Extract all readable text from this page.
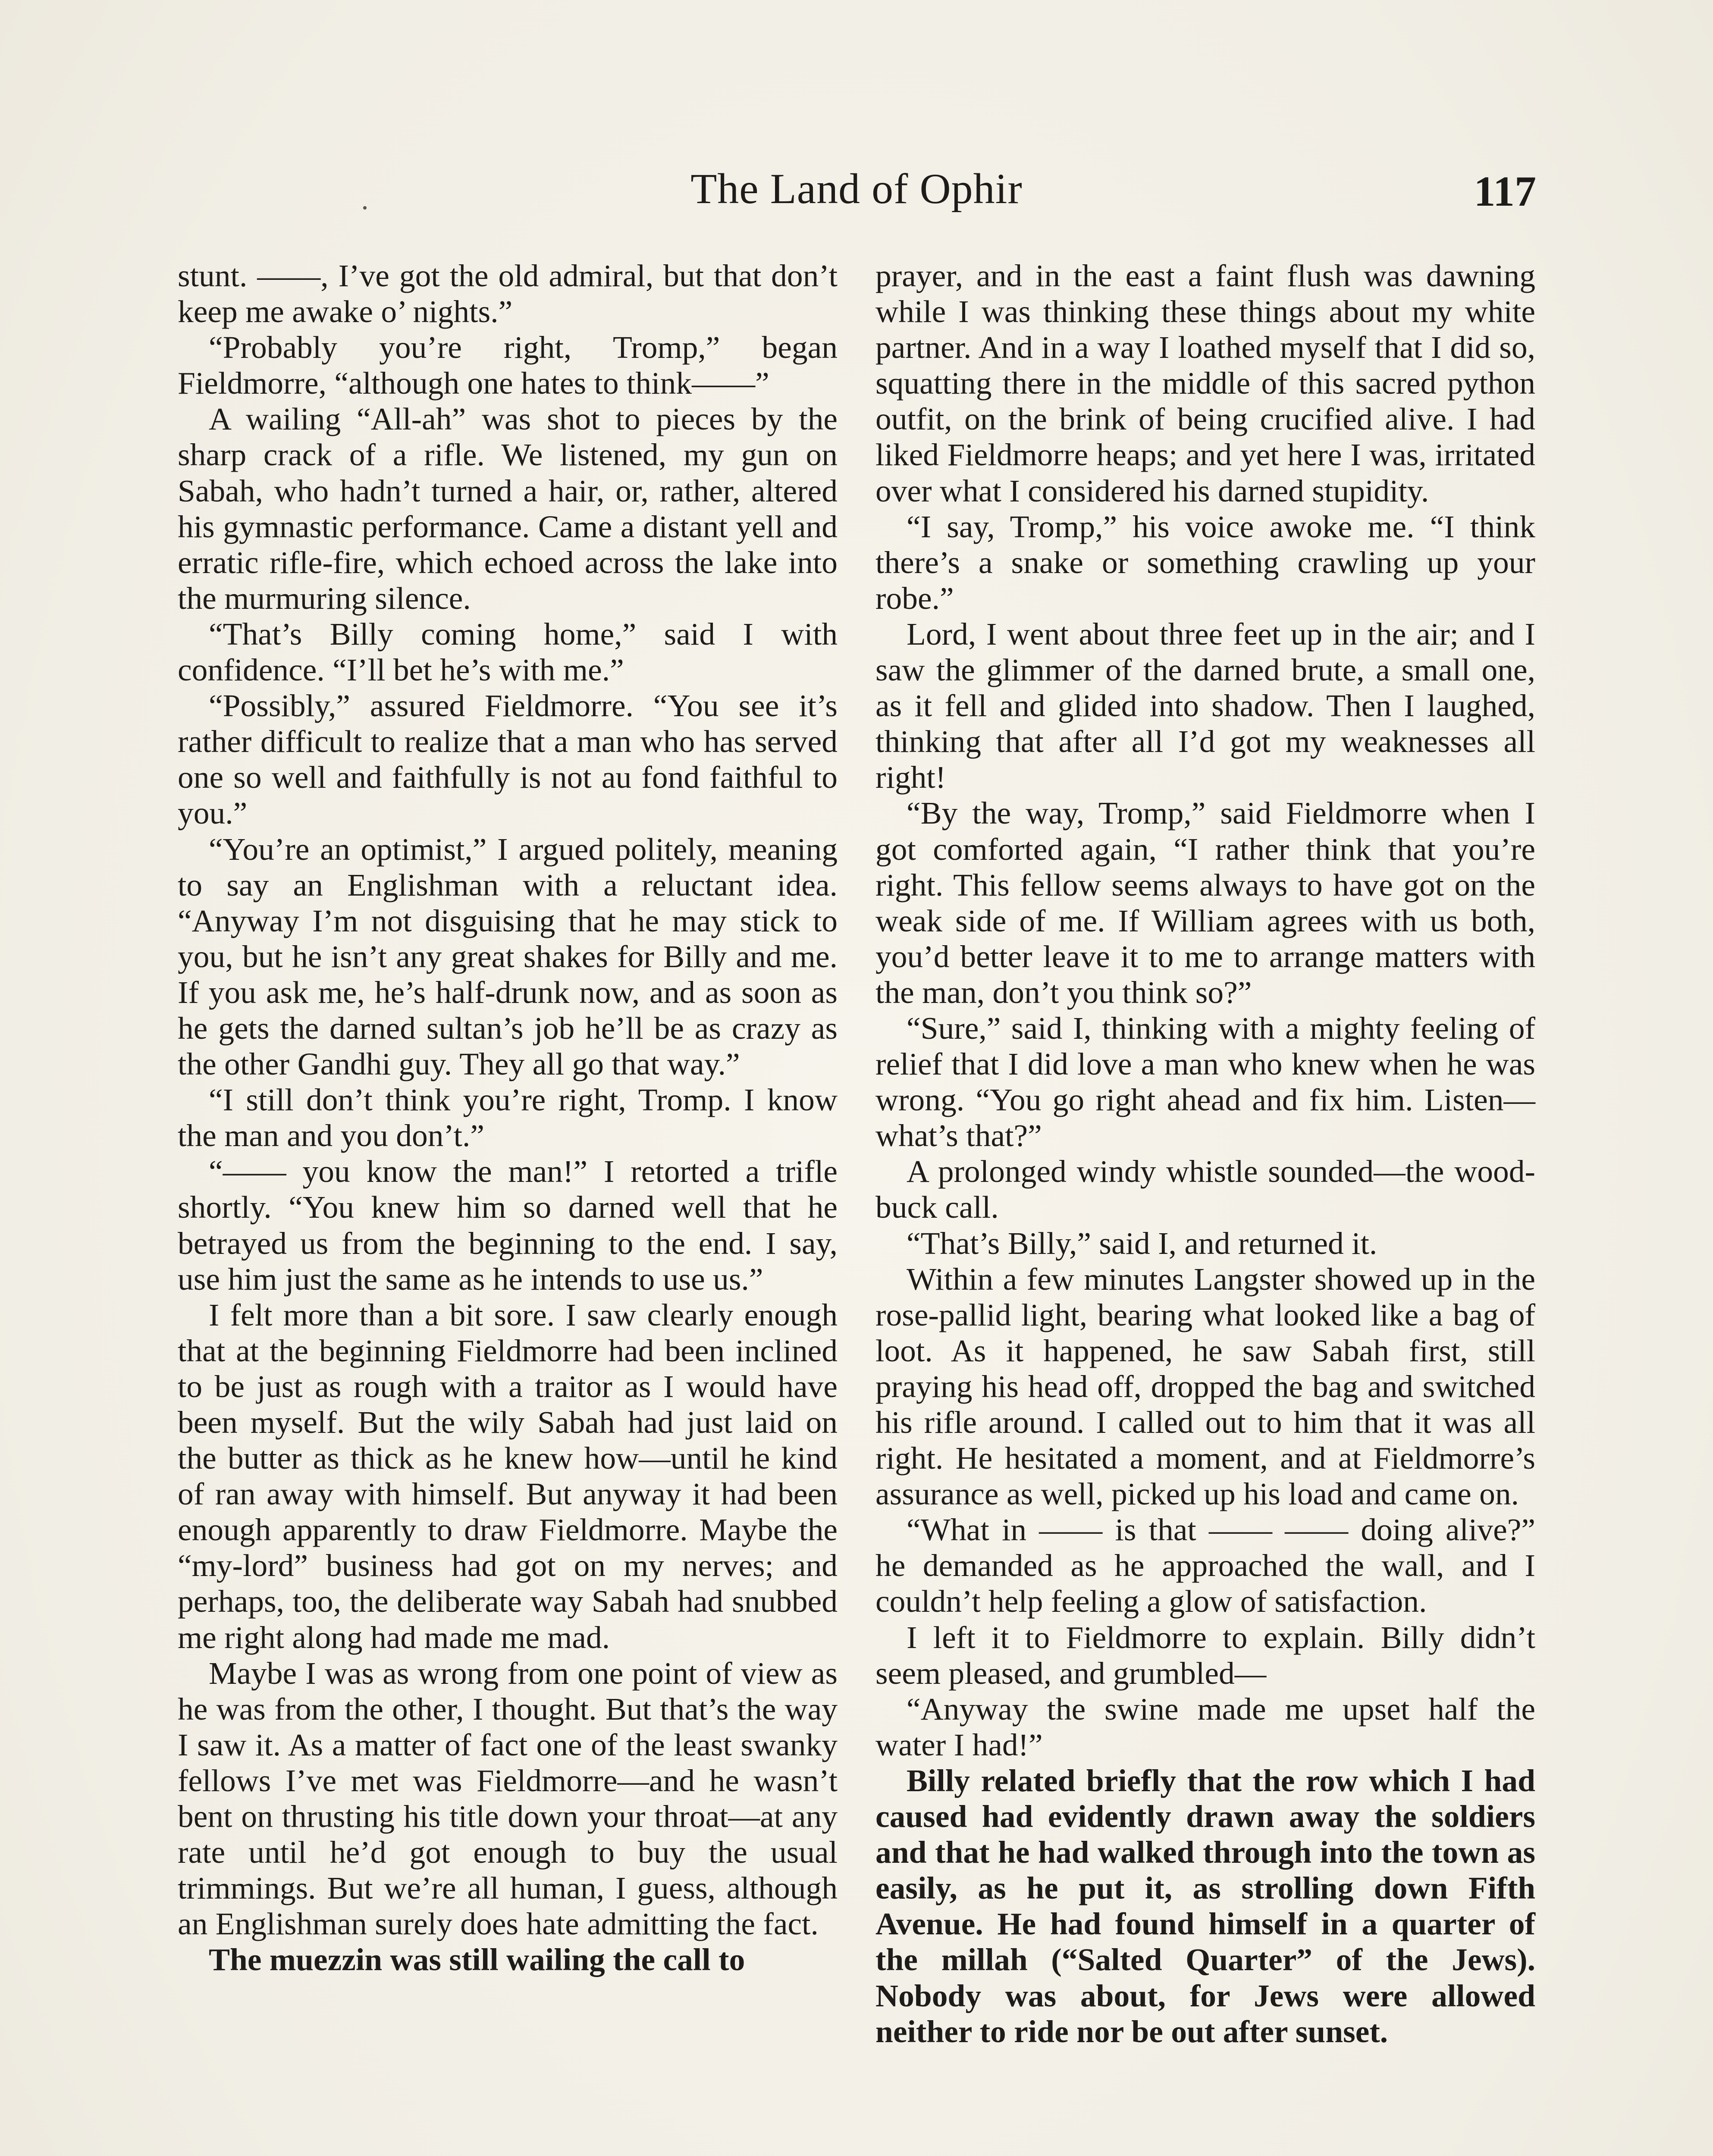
The Land of Ophir	117

stunt. ——, I’ve got the old admiral, but that don’t keep me awake o’ nights.”

“Probably you’re right, Tromp,” began Fieldmorre, “although one hates to think——”

A wailing “All-ah” was shot to pieces by the sharp crack of a rifle. We listened, my gun on Sabah, who hadn’t turned a hair, or, rather, altered his gymnastic performance. Came a distant yell and erratic rifle-fire, which echoed across the lake into the murmuring silence.

“That’s Billy coming home,” said I with confidence. “I’ll bet he’s with me.”

“Possibly,” assured Fieldmorre. “You see it’s rather difficult to realize that a man who has served one so well and faithfully is not au fond faithful to you.”

“You’re an optimist,” I argued politely, meaning to say an Englishman with a reluctant idea. “Anyway I’m not disguising that he may stick to you, but he isn’t any great shakes for Billy and me. If you ask me, he’s half-drunk now, and as soon as he gets the darned sultan’s job he’ll be as crazy as the other Gandhi guy. They all go that way.”

“I still don’t think you’re right, Tromp. I know the man and you don’t.”

“—— you know the man!” I retorted a trifle shortly. “You knew him so darned well that he betrayed us from the beginning to the end. I say, use him just the same as he intends to use us.”

I felt more than a bit sore. I saw clearly enough that at the beginning Fieldmorre had been inclined to be just as rough with a traitor as I would have been myself. But the wily Sabah had just laid on the butter as thick as he knew how—until he kind of ran away with himself. But anyway it had been enough apparently to draw Fieldmorre. Maybe the “my-lord” business had got on my nerves; and perhaps, too, the deliberate way Sabah had snubbed me right along had made me mad.

Maybe I was as wrong from one point of view as he was from the other, I thought. But that’s the way I saw it. As a matter of fact one of the least swanky fellows I’ve met was Fieldmorre—and he wasn’t bent on thrusting his title down your throat—at any rate until he’d got enough to buy the usual trimmings. But we’re all human, I guess, although an Englishman surely does hate admitting the fact.

The muezzin was still wailing the call to

prayer, and in the east a faint flush was dawning while I was thinking these things about my white partner. And in a way I loathed myself that I did so, squatting there in the middle of this sacred python outfit, on the brink of being crucified alive. I had liked Fieldmorre heaps; and yet here I was, irritated over what I considered his darned stupidity.

“I say, Tromp,” his voice awoke me. “I think there’s a snake or something crawling up your robe.”

Lord, I went about three feet up in the air; and I saw the glimmer of the darned brute, a small one, as it fell and glided into shadow. Then I laughed, thinking that after all I’d got my weaknesses all right!

“By the way, Tromp,” said Fieldmorre when I got comforted again, “I rather think that you’re right. This fellow seems always to have got on the weak side of me. If William agrees with us both, you’d better leave it to me to arrange matters with the man, don’t you think so?”

“Sure,” said I, thinking with a mighty feeling of relief that I did love a man who knew when he was wrong. “You go right ahead and fix him. Listen—what’s that?”

A prolonged windy whistle sounded—the wood-buck call.

“That’s Billy,” said I, and returned it.

Within a few minutes Langster showed up in the rose-pallid light, bearing what looked like a bag of loot. As it happened, he saw Sabah first, still praying his head off, dropped the bag and switched his rifle around. I called out to him that it was all right. He hesitated a moment, and at Fieldmorre’s assurance as well, picked up his load and came on.

“What in —— is that —— —— doing alive?” he demanded as he approached the wall, and I couldn’t help feeling a glow of satisfaction.

I left it to Fieldmorre to explain. Billy didn’t seem pleased, and grumbled—

“Anyway the swine made me upset half the water I had!”

Billy related briefly that the row which I had caused had evidently drawn away the soldiers and that he had walked through into the town as easily, as he put it, as strolling down Fifth Avenue. He had found himself in a quarter of the millah (“Salted Quarter” of the Jews). Nobody was about, for Jews were allowed neither to ride nor be out after sunset.
